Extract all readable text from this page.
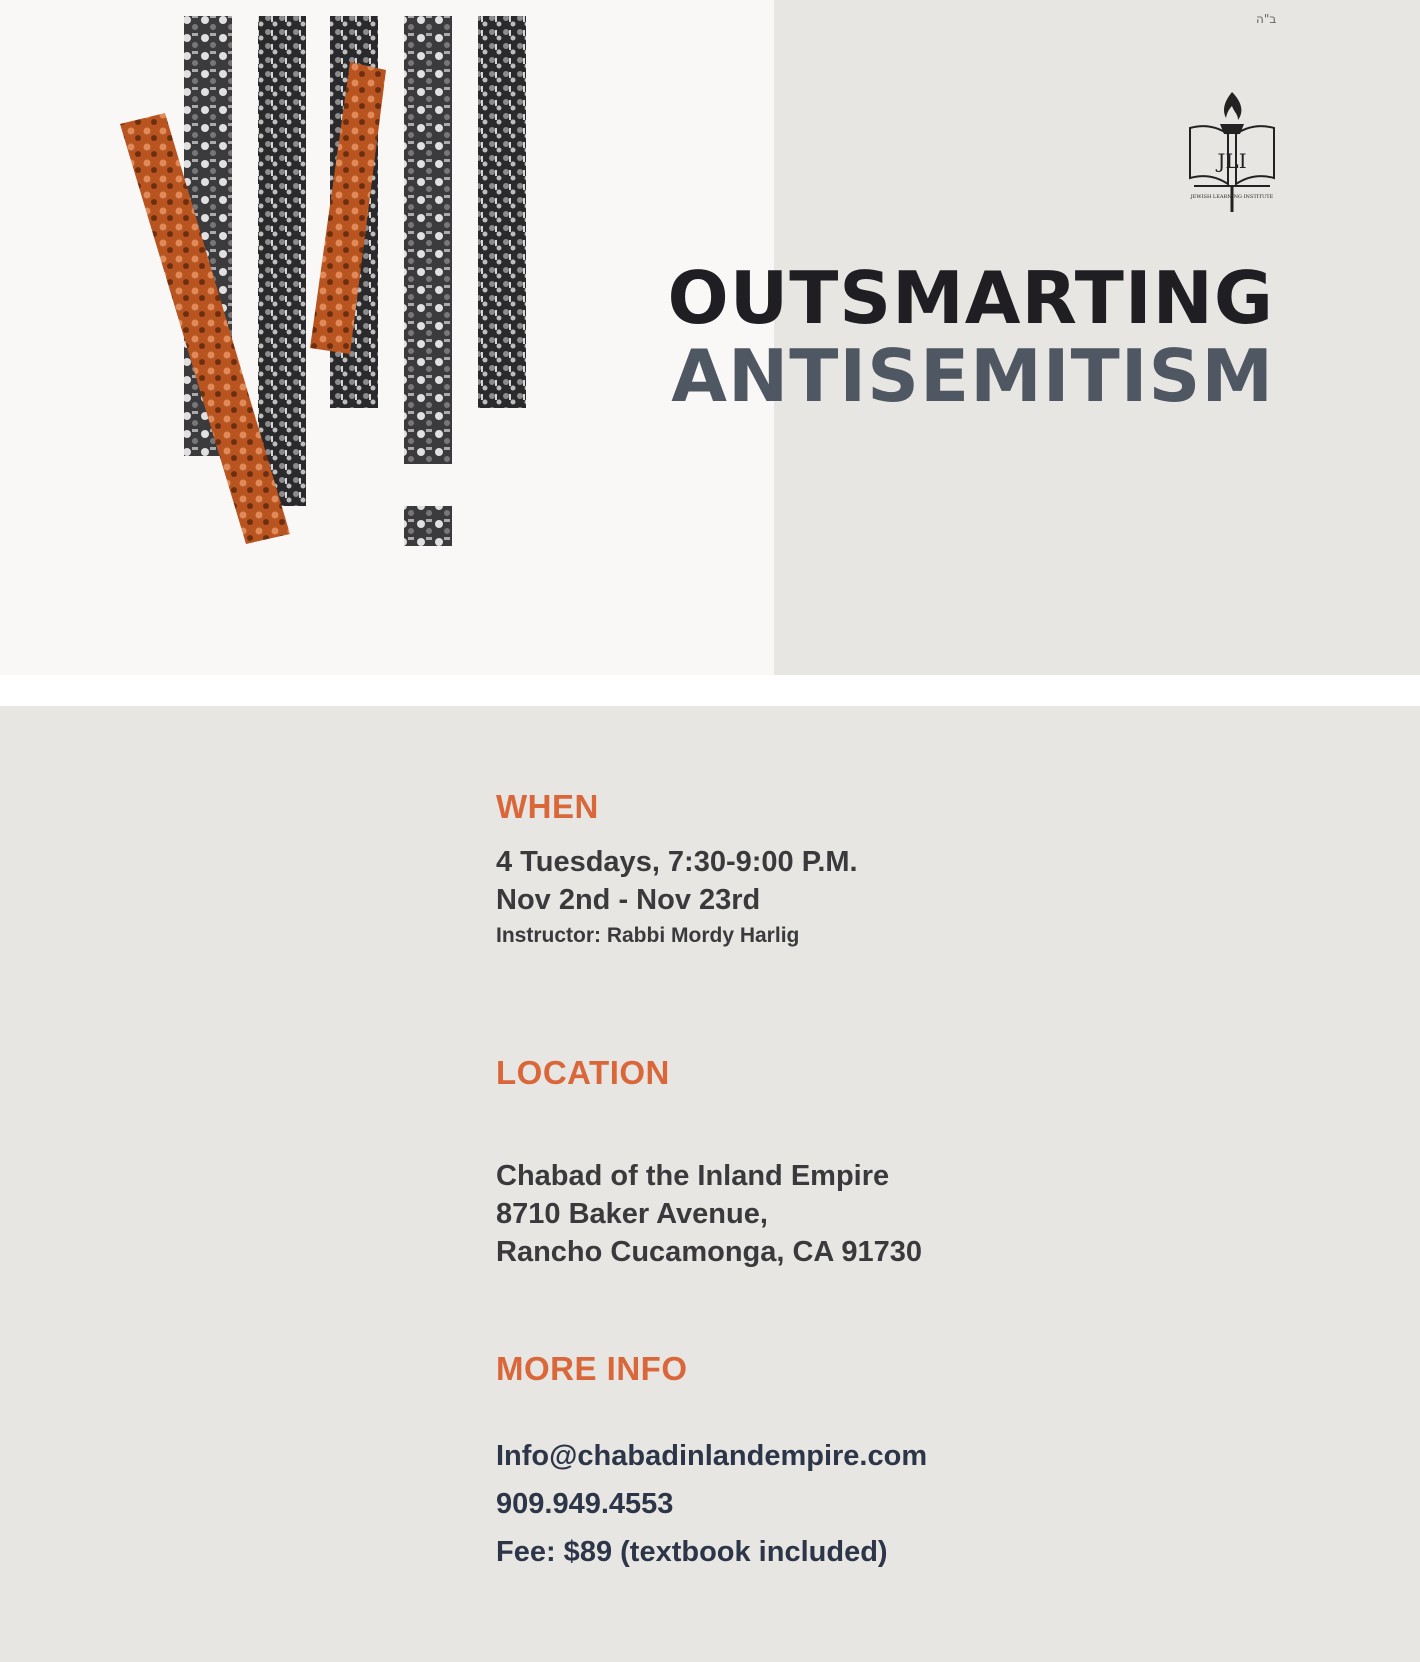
ב"ה
JLI
JEWISH LEARNING INSTITUTE
OUTSMARTING
ANTISEMITISM
WHEN
4 Tuesdays, 7:30-9:00 P.M.
Nov 2nd - Nov 23rd
Instructor: Rabbi Mordy Harlig
LOCATION
Chabad of the Inland Empire
8710 Baker Avenue,
Rancho Cucamonga, CA 91730
MORE INFO
Info@chabadinlandempire.com
909.949.4553
Fee: $89 (textbook included)
